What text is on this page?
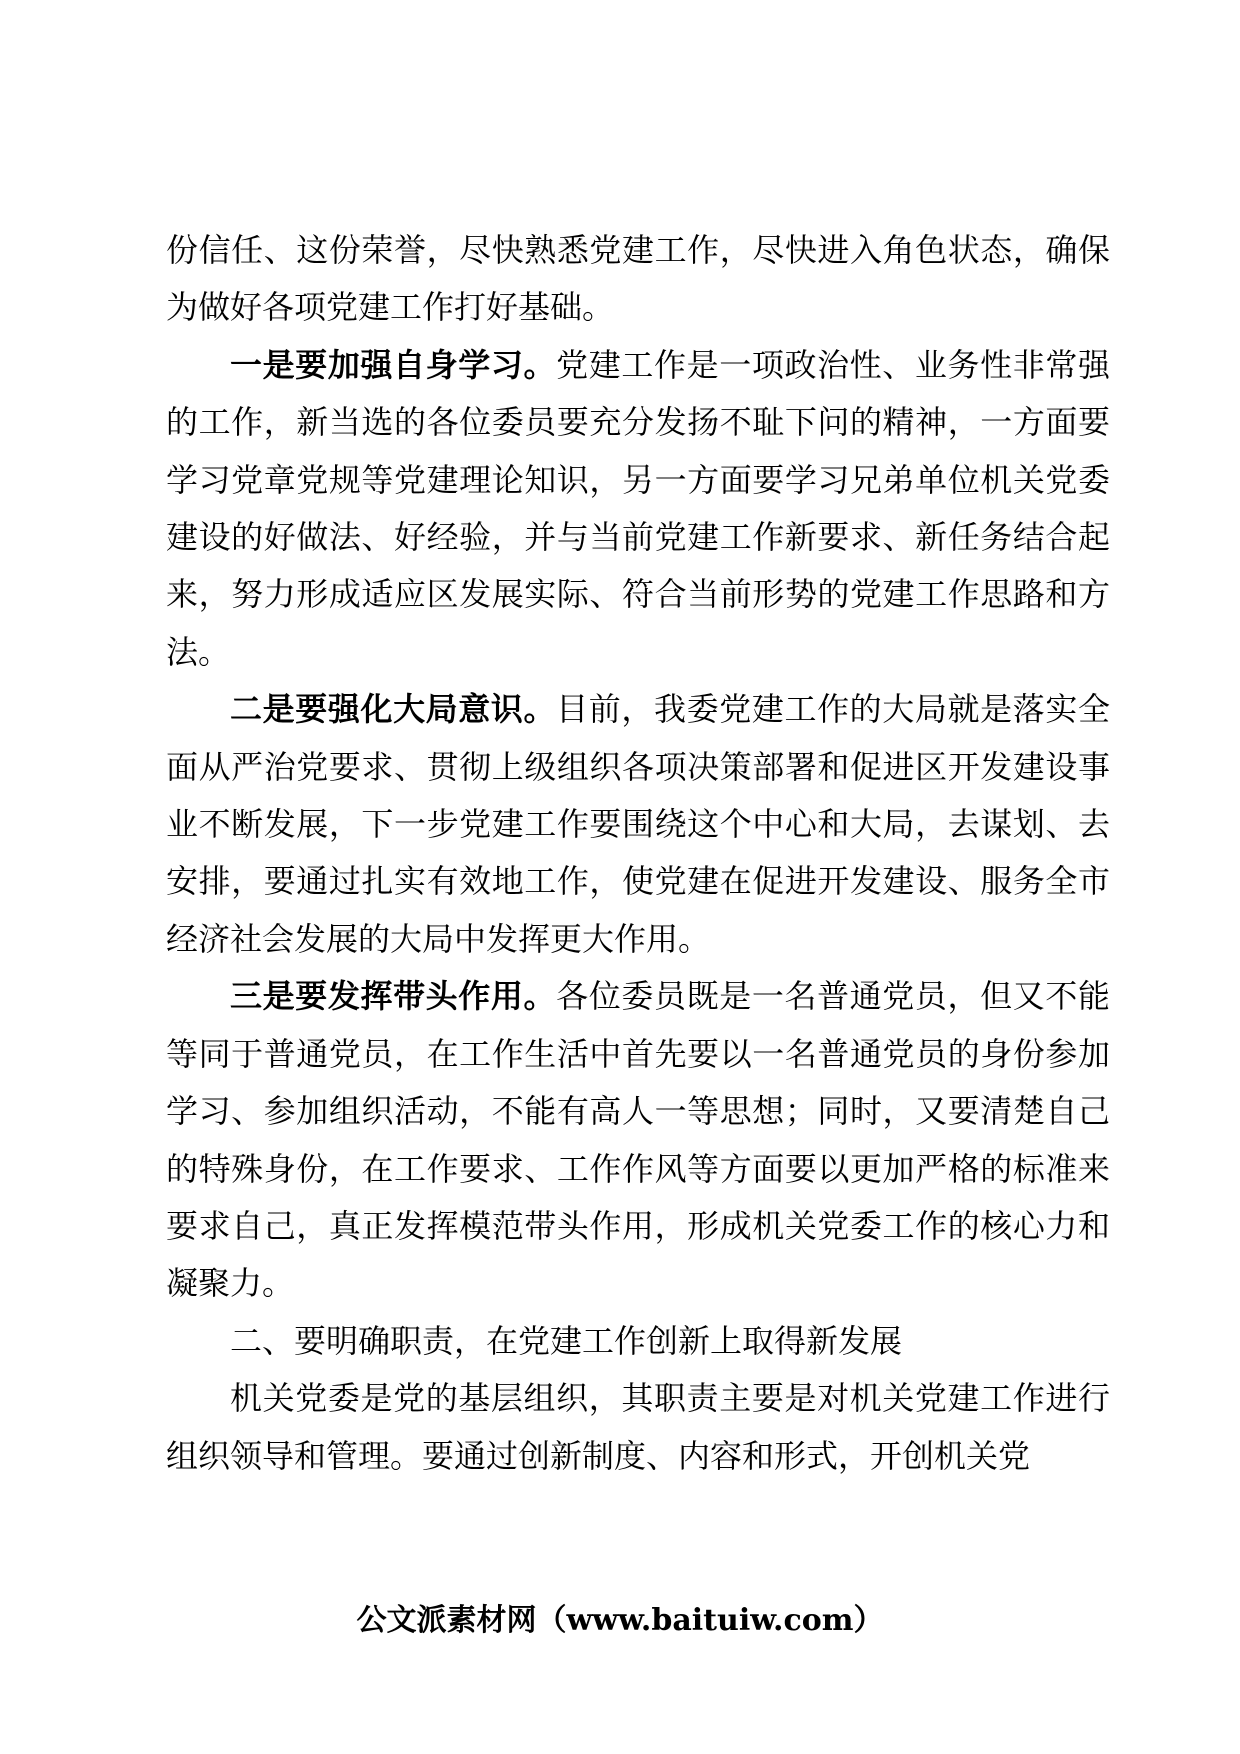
份信任、这份荣誉，尽快熟悉党建工作，尽快进入角色状态，确保为做好各项党建工作打好基础。

一是要加强自身学习。党建工作是一项政治性、业务性非常强的工作，新当选的各位委员要充分发扬不耻下问的精神，一方面要学习党章党规等党建理论知识，另一方面要学习兄弟单位机关党委建设的好做法、好经验，并与当前党建工作新要求、新任务结合起来，努力形成适应区发展实际、符合当前形势的党建工作思路和方法。

二是要强化大局意识。目前，我委党建工作的大局就是落实全面从严治党要求、贯彻上级组织各项决策部署和促进区开发建设事业不断发展，下一步党建工作要围绕这个中心和大局，去谋划、去安排，要通过扎实有效地工作，使党建在促进开发建设、服务全市经济社会发展的大局中发挥更大作用。

三是要发挥带头作用。各位委员既是一名普通党员，但又不能等同于普通党员，在工作生活中首先要以一名普通党员的身份参加学习、参加组织活动，不能有高人一等思想；同时，又要清楚自己的特殊身份，在工作要求、工作作风等方面要以更加严格的标准来要求自己，真正发挥模范带头作用，形成机关党委工作的核心力和凝聚力。

二、要明确职责，在党建工作创新上取得新发展

机关党委是党的基层组织，其职责主要是对机关党建工作进行组织领导和管理。要通过创新制度、内容和形式，开创机关党

公文派素材网（www.baituiw.com）
